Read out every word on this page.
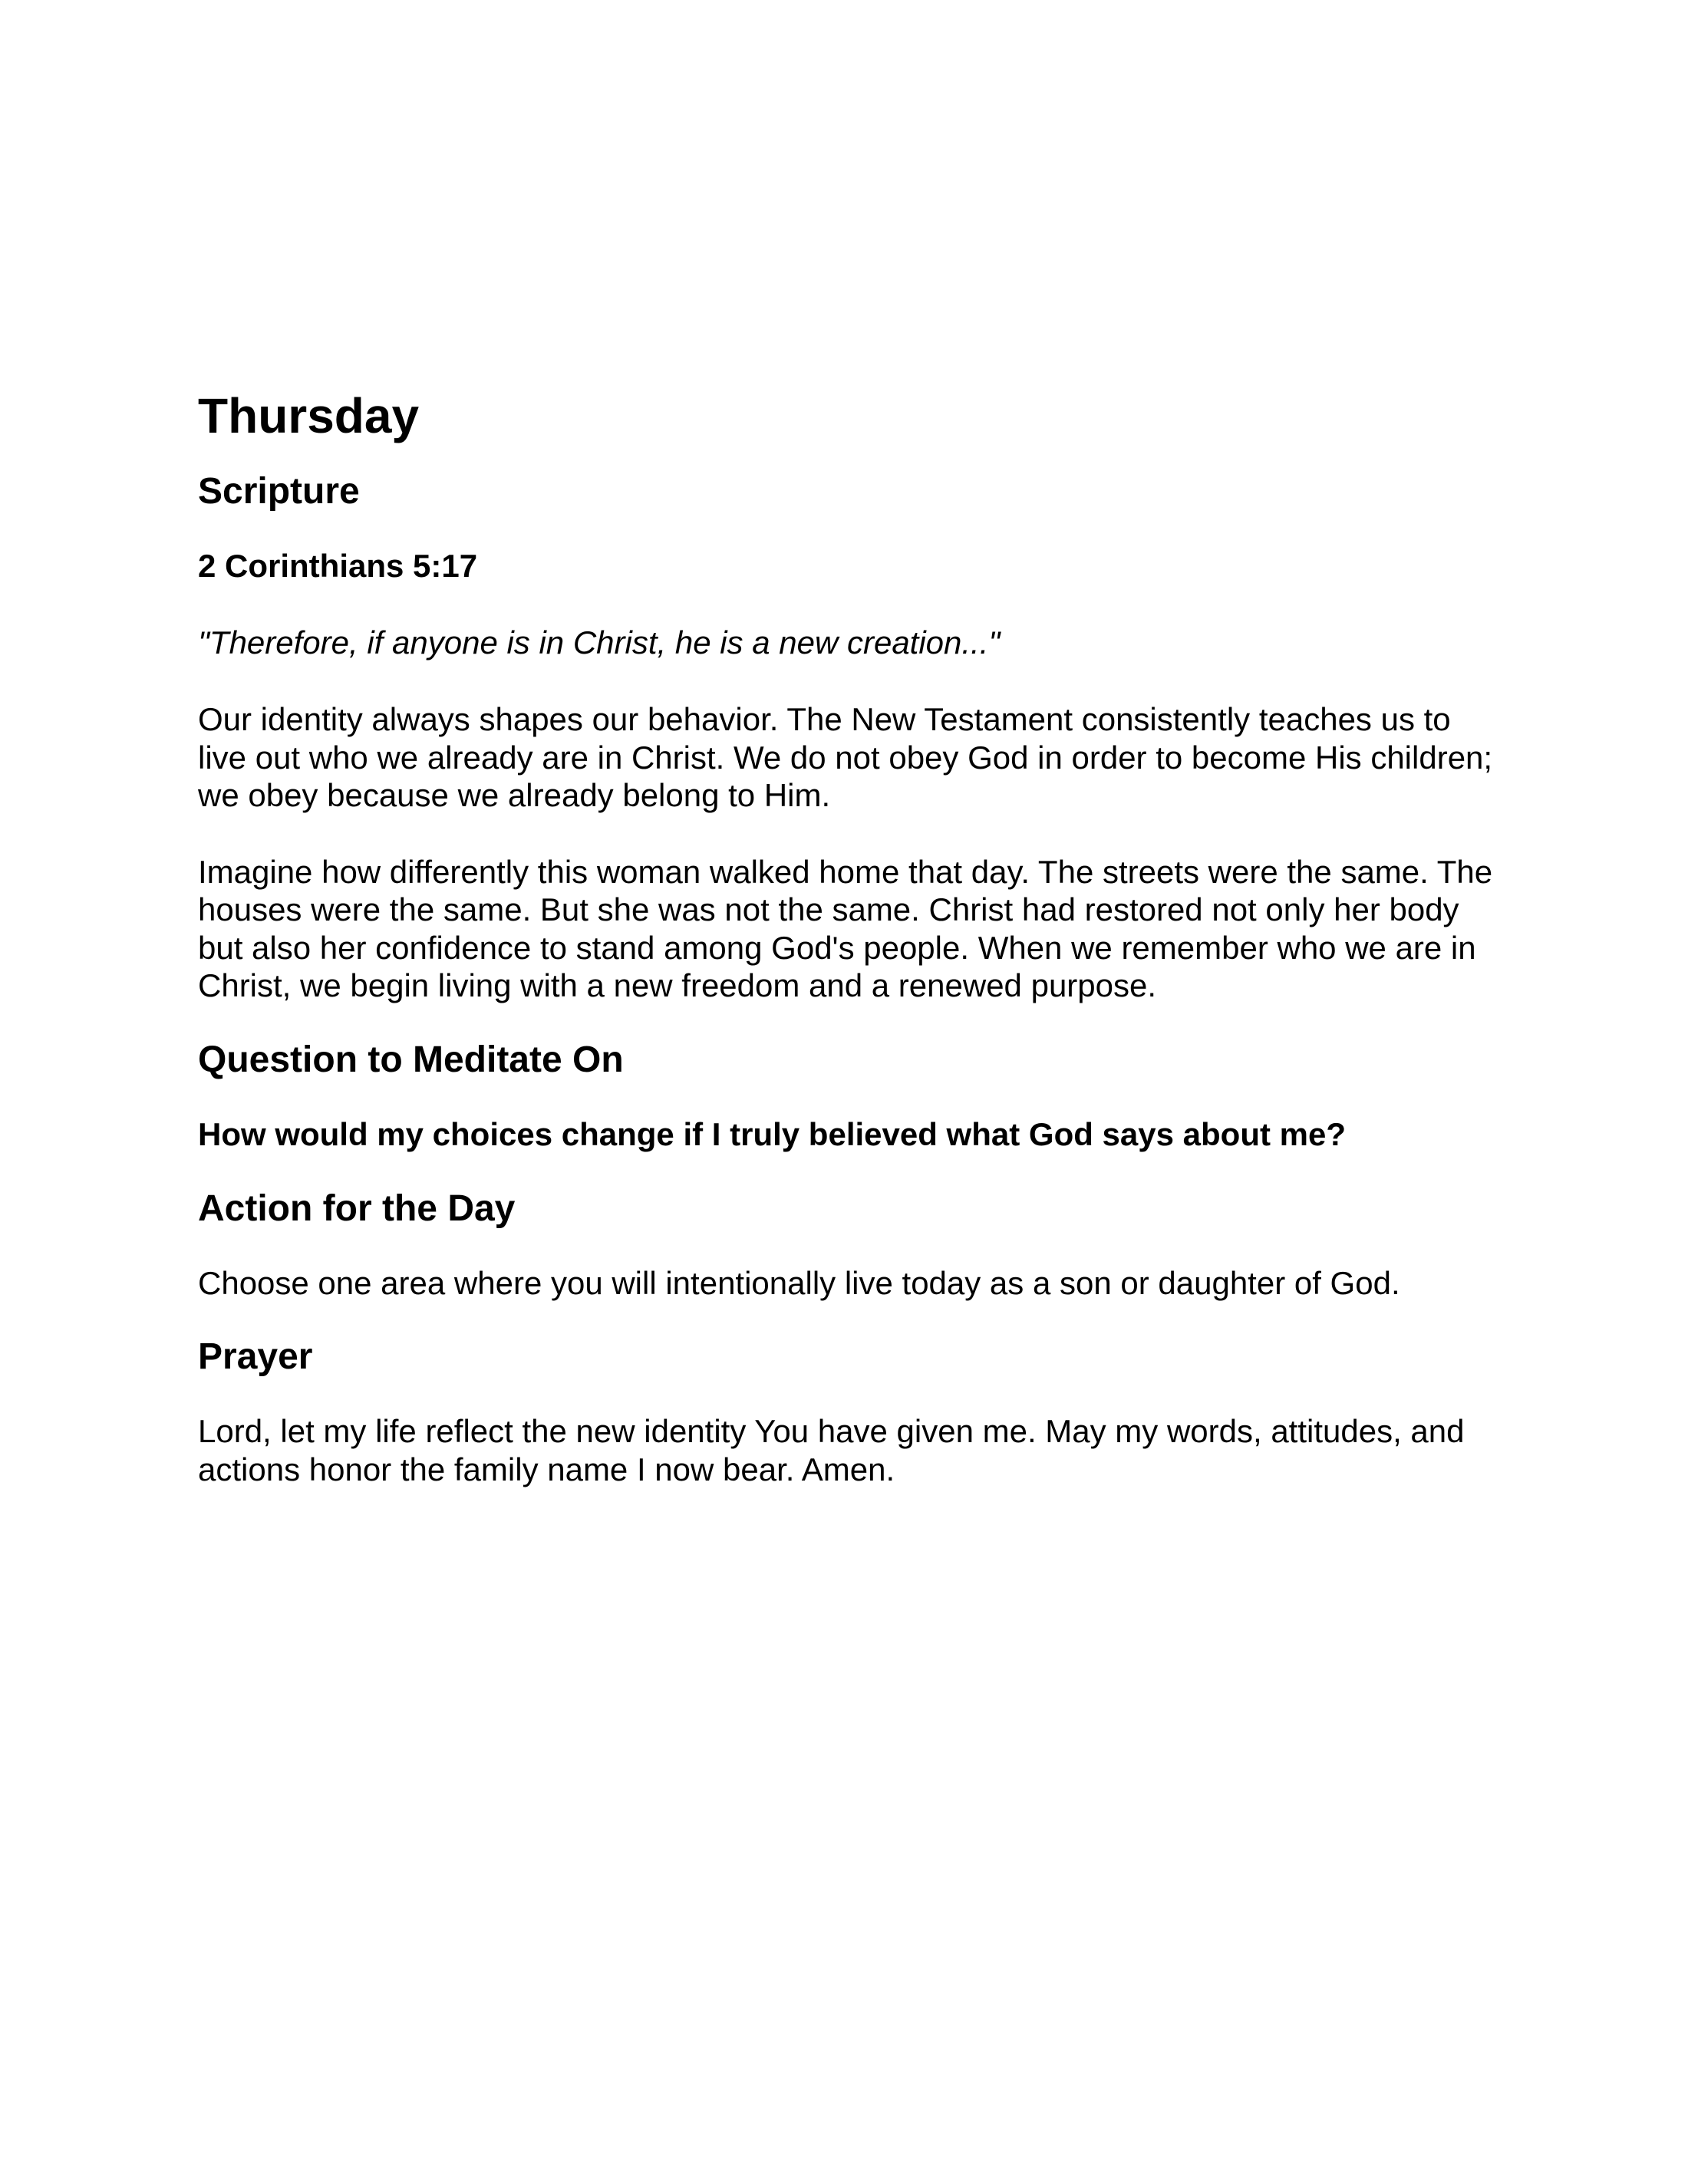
Thursday
Scripture

2 Corinthians 5:17

"Therefore, if anyone is in Christ, he is a new creation..."

Our identity always shapes our behavior. The New Testament consistently teaches us to live out who we already are in Christ. We do not obey God in order to become His children; we obey because we already belong to Him.

Imagine how differently this woman walked home that day. The streets were the same. The houses were the same. But she was not the same. Christ had restored not only her body but also her confidence to stand among God's people. When we remember who we are in Christ, we begin living with a new freedom and a renewed purpose.

Question to Meditate On

How would my choices change if I truly believed what God says about me?

Action for the Day

Choose one area where you will intentionally live today as a son or daughter of God.

Prayer

Lord, let my life reflect the new identity You have given me. May my words, attitudes, and actions honor the family name I now bear. Amen.
